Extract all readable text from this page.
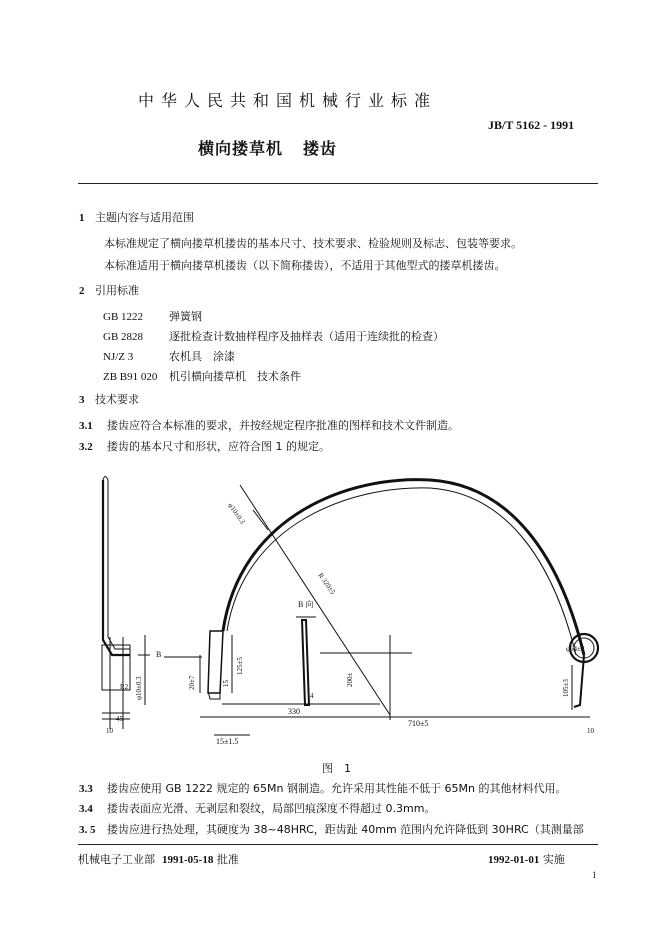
中华人民共和国机械行业标准
JB/T 5162 - 1991
横向搂草机 搂齿
1 主题内容与适用范围
本标准规定了横向搂草机搂齿的基本尺寸、技术要求、检验规则及标志、包装等要求。
本标准适用于横向搂草机搂齿（以下简称搂齿），不适用于其他型式的搂草机搂齿。
2 引用标准
GB 1222 弹簧钢
GB 2828 逐批检查计数抽样程序及抽样表（适用于连续批的检查）
NJ/Z 3	农机具　涂漆
ZB B91 020 机引横向搂草机　技术条件
3 技术要求
3.1 搂齿应符合本标准的要求，并按经规定程序批准的图样和技术文件制造。
3.2 搂齿的基本尺寸和形状，应符合图 1 的规定。
φ10±0.3
R2
45
10
B
B 向
φ10±0.3
R 320±5
20±7	15
125±5
200±
4
330
710±5
15±1.5
105±3
φ64±2
10
图　1
3.3 搂齿应使用 GB 1222 规定的 65Mn 钢制造。允许采用其性能不低于 65Mn 的其他材料代用。
3.4 搂齿表面应光滑、无剥层和裂纹，局部凹痕深度不得超过 0.3mm。
3. 5 搂齿应进行热处理，其硬度为 38~48HRC，距齿趾 40mm 范围内允许降低到 30HRC（其测量部
机械电子工业部 1991-05-18 批准	1992-01-01 实施
1
